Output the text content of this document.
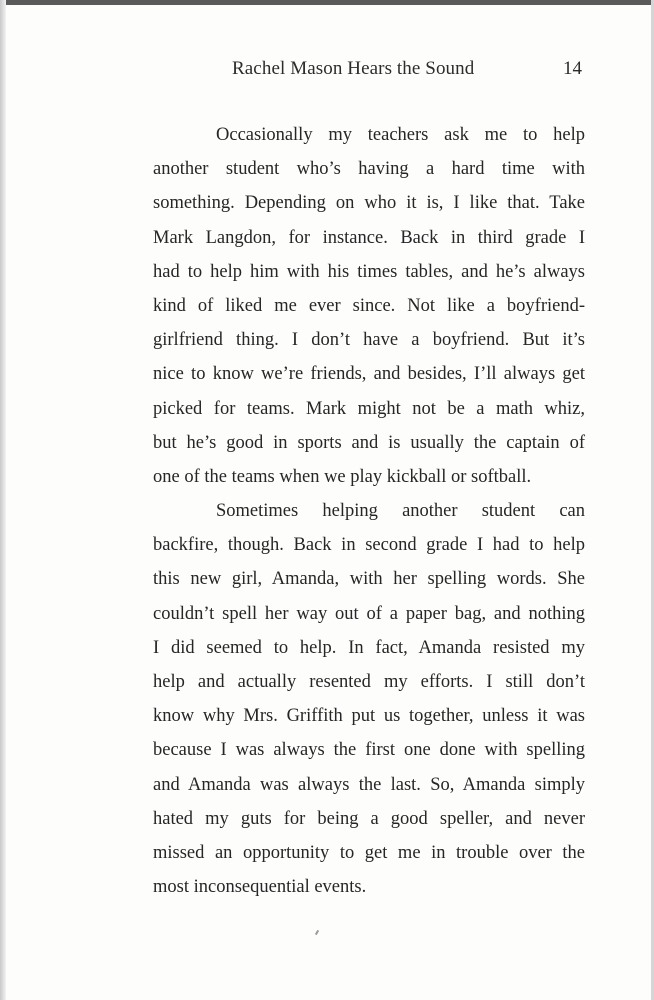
Rachel Mason Hears the Sound	14
Occasionally my teachers ask me to help
another student who’s having a hard time with
something. Depending on who it is, I like that. Take
Mark Langdon, for instance. Back in third grade I
had to help him with his times tables, and he’s always
kind of liked me ever since. Not like a boyfriend-
girlfriend thing. I don’t have a boyfriend. But it’s
nice to know we’re friends, and besides, I’ll always get
picked for teams. Mark might not be a math whiz,
but he’s good in sports and is usually the captain of
one of the teams when we play kickball or softball.
Sometimes helping another student can
backfire, though. Back in second grade I had to help
this new girl, Amanda, with her spelling words. She
couldn’t spell her way out of a paper bag, and nothing
I did seemed to help. In fact, Amanda resisted my
help and actually resented my efforts. I still don’t
know why Mrs. Griffith put us together, unless it was
because I was always the first one done with spelling
and Amanda was always the last. So, Amanda simply
hated my guts for being a good speller, and never
missed an opportunity to get me in trouble over the
most inconsequential events.
